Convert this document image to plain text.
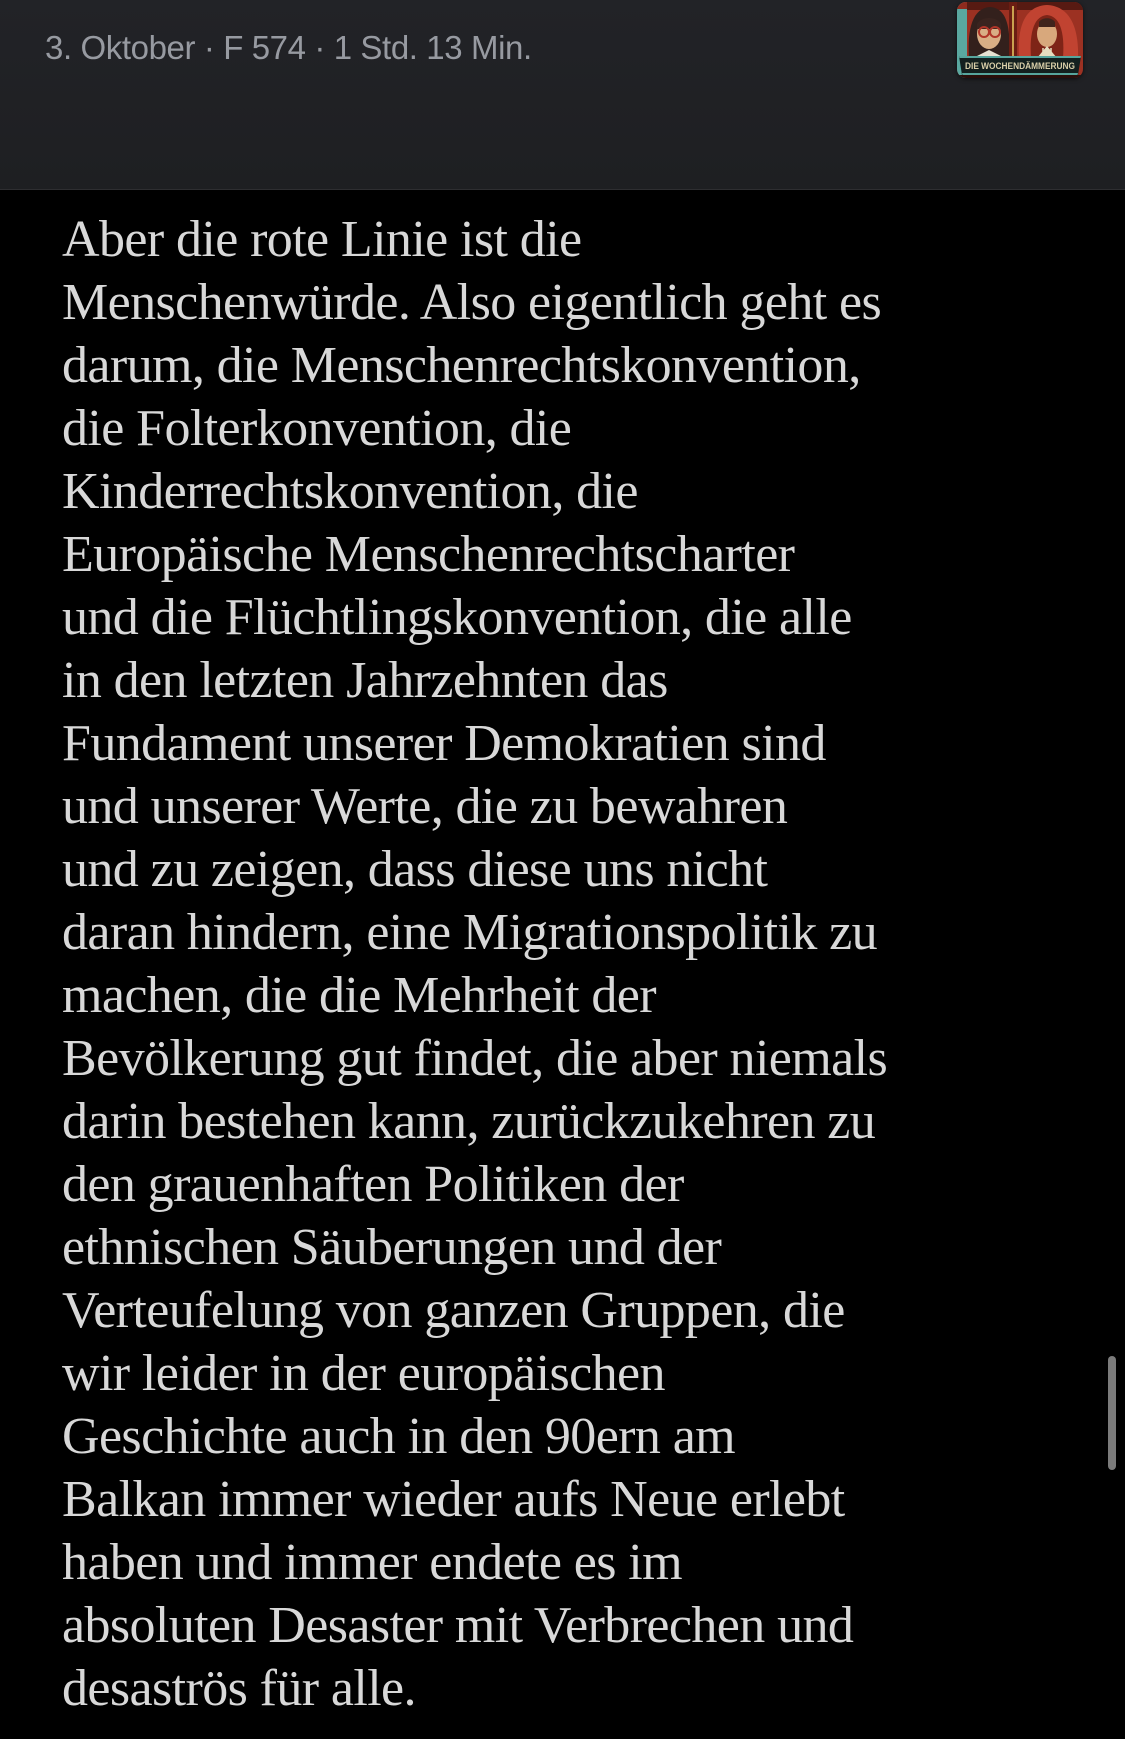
3. Oktober · F 574 · 1 Std. 13 Min.
DIE WOCHENDÄMMERUNG
Aber die rote Linie ist die
Menschenwürde. Also eigentlich geht es
darum, die Menschenrechtskonvention,
die Folterkonvention, die
Kinderrechtskonvention, die
Europäische Menschenrechtscharter
und die Flüchtlingskonvention, die alle
in den letzten Jahrzehnten das
Fundament unserer Demokratien sind
und unserer Werte, die zu bewahren
und zu zeigen, dass diese uns nicht
daran hindern, eine Migrationspolitik zu
machen, die die Mehrheit der
Bevölkerung gut findet, die aber niemals
darin bestehen kann, zurückzukehren zu
den grauenhaften Politiken der
ethnischen Säuberungen und der
Verteufelung von ganzen Gruppen, die
wir leider in der europäischen
Geschichte auch in den 90ern am
Balkan immer wieder aufs Neue erlebt
haben und immer endete es im
absoluten Desaster mit Verbrechen und
desaströs für alle.
